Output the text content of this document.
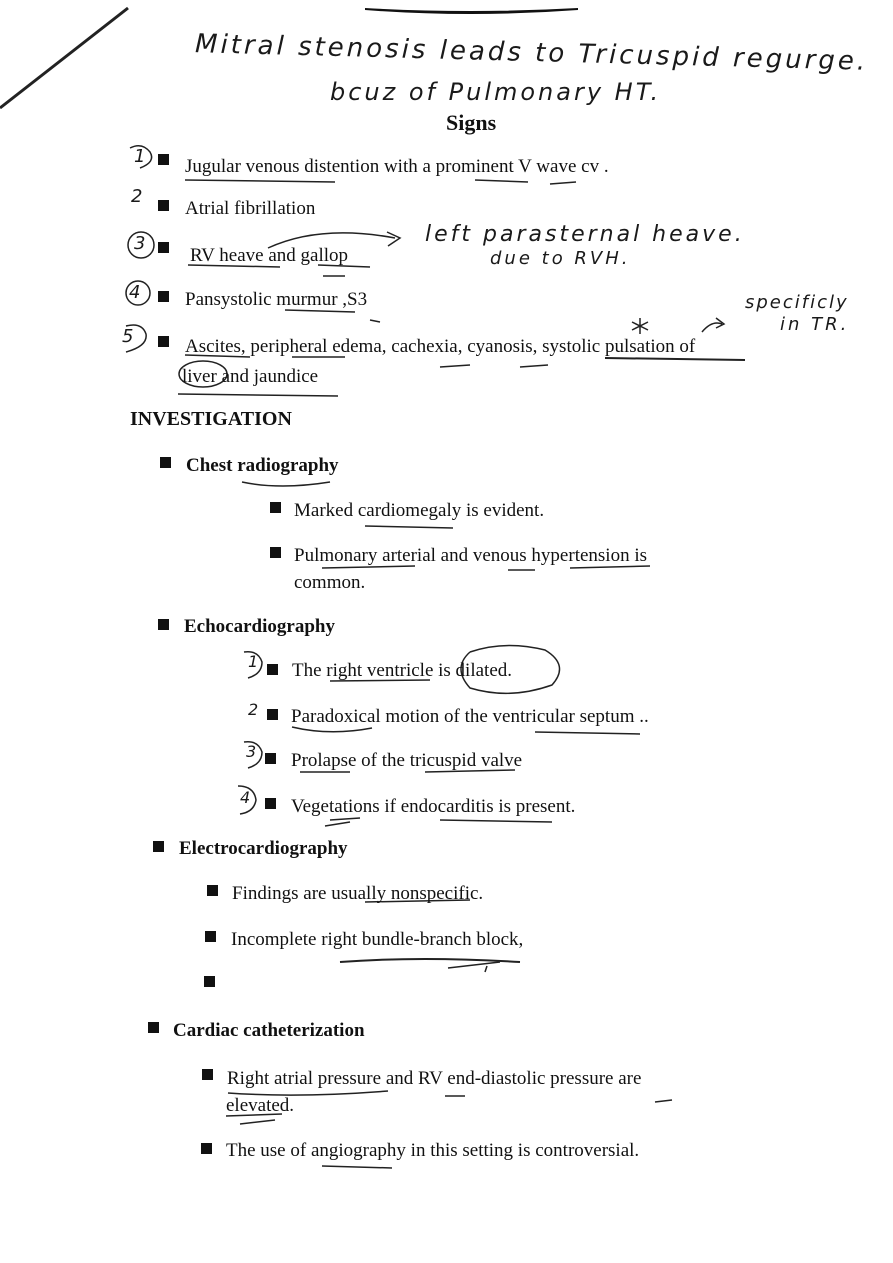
Mitral stenosis leads to Tricuspid regurge.
bcuz of Pulmonary HT.
Signs
1 Jugular venous distention with a prominent V wave cv .
2
Atrial fibrillation
3
RV heave and gallop
left parasternal heave.
due to RVH.
4 Pansystolic murmur ,S3	specificly
in TR.
5	Ascites, peripheral edema, cachexia, cyanosis, systolic pulsation of
liver and jaundice
INVESTIGATION
Chest radiography
Marked cardiomegaly is evident.
Pulmonary arterial and venous hypertension is
common.
Echocardiography
1 The right ventricle is dilated.
2 Paradoxical motion of the ventricular septum ..
3 Prolapse of the tricuspid valve
4 Vegetations if endocarditis is present.
Electrocardiography
Findings are usually nonspecific.
Incomplete right bundle-branch block,
Cardiac catheterization
Right atrial pressure and RV end-diastolic pressure are
elevated.
The use of angiography in this setting is controversial.
